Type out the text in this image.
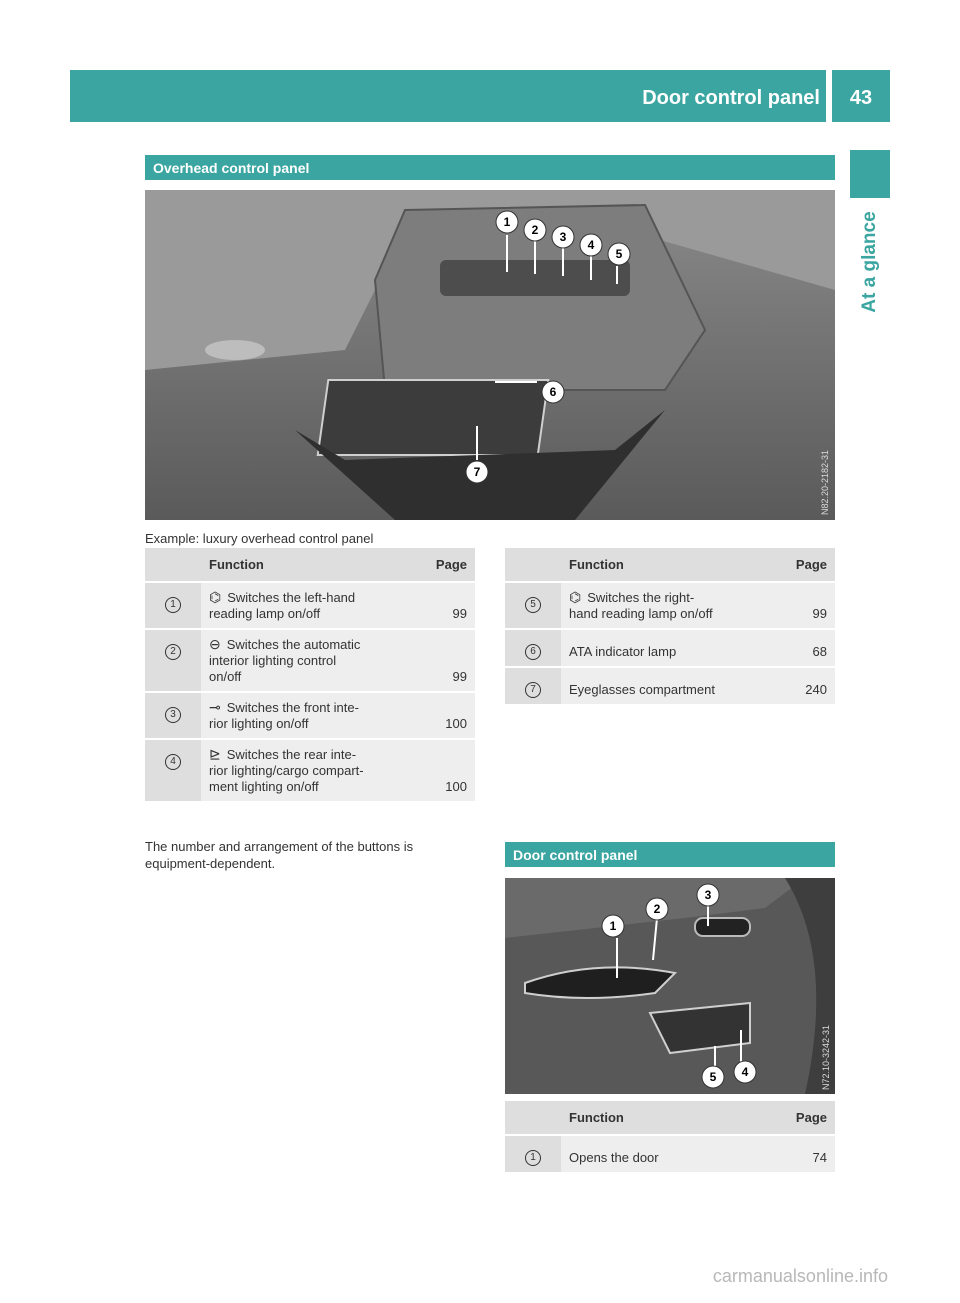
Door control panel	43
At a glance
Overhead control panel
1
2 3
4
5
6
7	N82.20-2182-31
Example: luxury overhead control panel
	Function	Page
1	⌬ Switches the left-hand
reading lamp on/off	99
2	⊖ Switches the automatic
interior lighting control
on/off	99
3	⊸ Switches the front inte-
rior lighting on/off	100
4	⊵ Switches the rear inte-
rior lighting/cargo compart-
ment lighting on/off	100
	Function	Page
5	⌬ Switches the right-
hand reading lamp on/off	99
6	ATA indicator lamp	68
7	Eyeglasses compartment	240
The number and arrangement of the buttons is equipment-dependent.
Door control panel
1
2
3
4
5	N72.10-3242-31
	Function	Page
1	Opens the door	74
carmanualsonline.info
